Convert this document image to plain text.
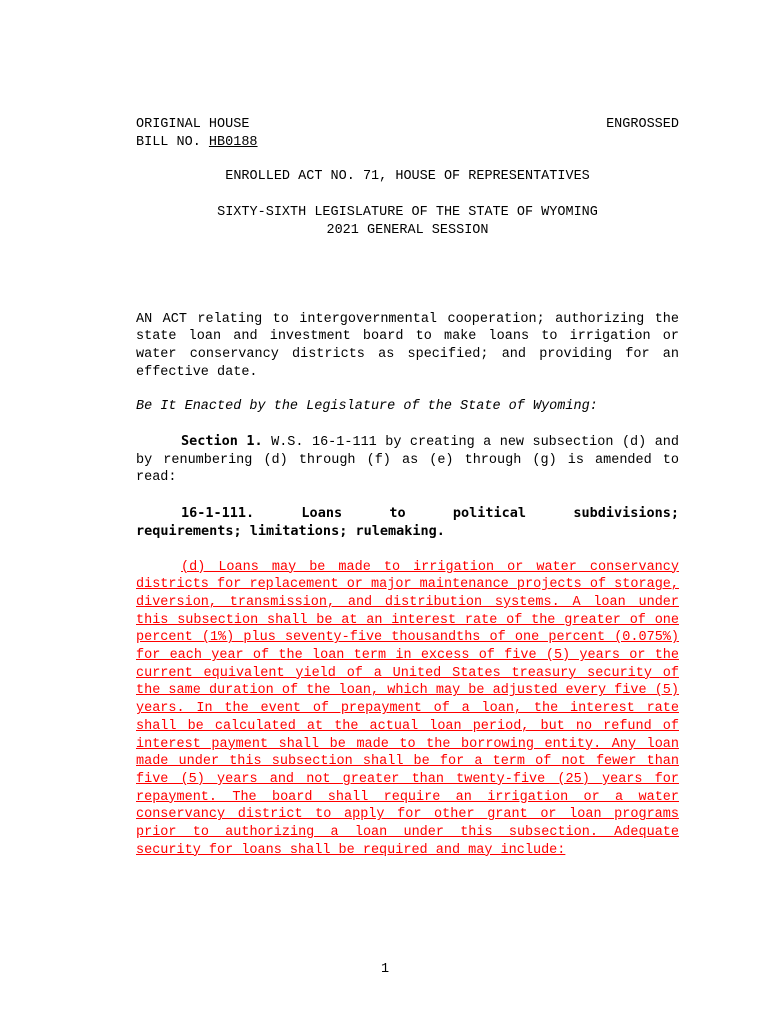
ORIGINAL HOUSE	ENGROSSED
BILL NO. HB0188
ENROLLED ACT NO. 71, HOUSE OF REPRESENTATIVES
SIXTY-SIXTH LEGISLATURE OF THE STATE OF WYOMING
2021 GENERAL SESSION
AN ACT relating to intergovernmental cooperation; authorizing the state loan and investment board to make loans to irrigation or water conservancy districts as specified; and providing for an effective date.
Be It Enacted by the Legislature of the State of Wyoming:
Section 1. W.S. 16-1-111 by creating a new subsection (d) and by renumbering (d) through (f) as (e) through (g) is amended to read:
16-1-111. Loans to political subdivisions;
requirements; limitations; rulemaking.
(d) Loans may be made to irrigation or water conservancy districts for replacement or major maintenance projects of storage, diversion, transmission, and distribution systems. A loan under this subsection shall be at an interest rate of the greater of one percent (1%) plus seventy-five thousandths of one percent (0.075%) for each year of the loan term in excess of five (5) years or the current equivalent yield of a United States treasury security of the same duration of the loan, which may be adjusted every five (5) years. In the event of prepayment of a loan, the interest rate shall be calculated at the actual loan period, but no refund of interest payment shall be made to the borrowing entity. Any loan made under this subsection shall be for a term of not fewer than five (5) years and not greater than twenty-five (25) years for repayment. The board shall require an irrigation or a water conservancy district to apply for other grant or loan programs prior to authorizing a loan under this subsection. Adequate security for loans shall be required and may include:
1
